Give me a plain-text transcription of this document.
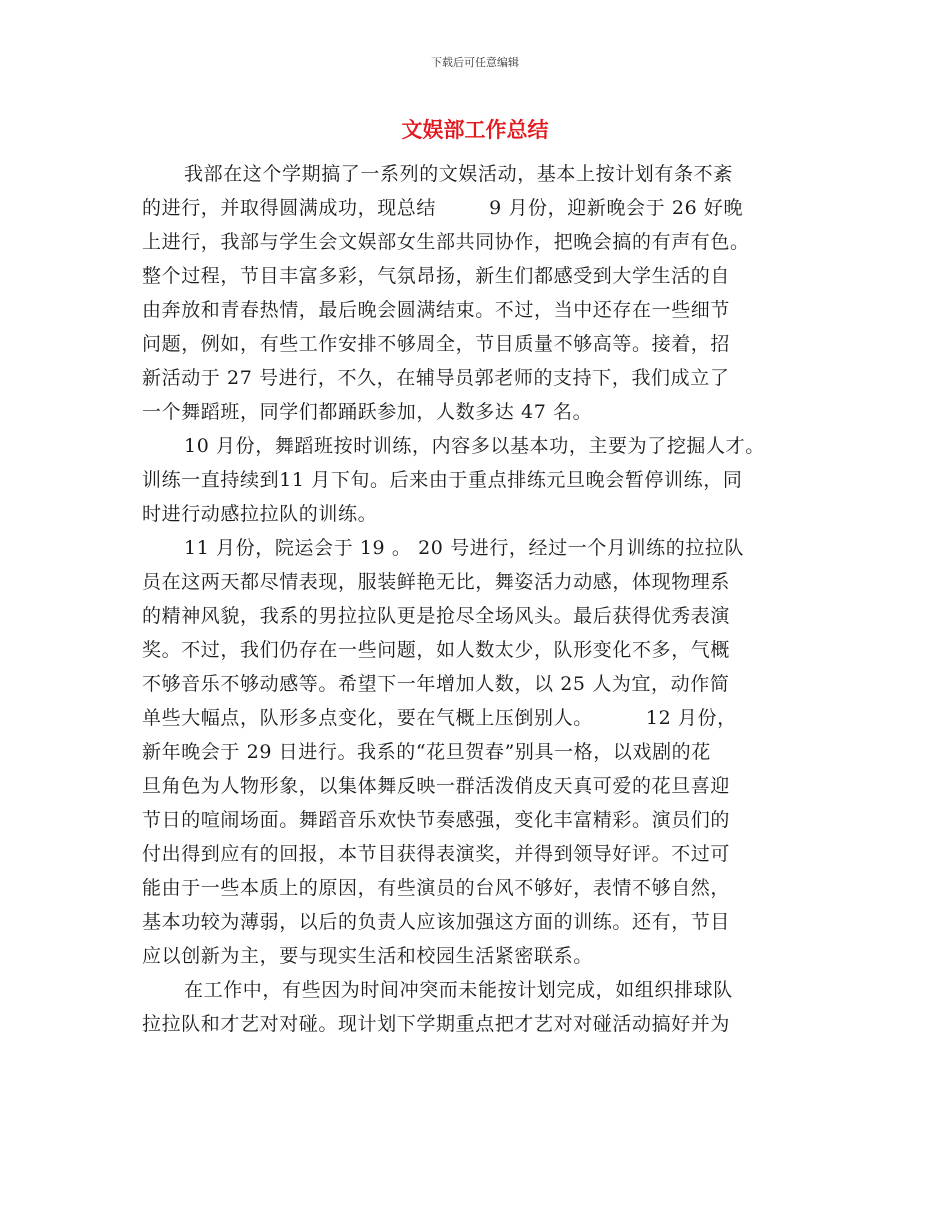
下载后可任意编辑
文娱部工作总结
我部在这个学期搞了一系列的文娱活动，基本上按计划有条不紊
的进行，并取得圆满成功，现总结        9 月份，迎新晚会于 26 好晚
上进行，我部与学生会文娱部女生部共同协作，把晚会搞的有声有色。
整个过程，节目丰富多彩，气氛昂扬，新生们都感受到大学生活的自
由奔放和青春热情，最后晚会圆满结束。不过，当中还存在一些细节
问题，例如，有些工作安排不够周全，节目质量不够高等。接着，招
新活动于 27 号进行，不久，在辅导员郭老师的支持下，我们成立了
一个舞蹈班，同学们都踊跃参加，人数多达 47 名。
10 月份，舞蹈班按时训练，内容多以基本功，主要为了挖掘人才。
训练一直持续到11 月下旬。后来由于重点排练元旦晚会暂停训练，同
时进行动感拉拉队的训练。
11 月份，院运会于 19 。 20 号进行，经过一个月训练的拉拉队
员在这两天都尽情表现，服装鲜艳无比，舞姿活力动感，体现物理系
的精神风貌，我系的男拉拉队更是抢尽全场风头。最后获得优秀表演
奖。不过，我们仍存在一些问题，如人数太少，队形变化不多，气概
不够音乐不够动感等。希望下一年增加人数，以 25 人为宜，动作简
单些大幅点，队形多点变化，要在气概上压倒别人。        12 月份，
新年晚会于 29 日进行。我系的“花旦贺春”别具一格，以戏剧的花
旦角色为人物形象，以集体舞反映一群活泼俏皮天真可爱的花旦喜迎
节日的喧闹场面。舞蹈音乐欢快节奏感强，变化丰富精彩。演员们的
付出得到应有的回报，本节目获得表演奖，并得到领导好评。不过可
能由于一些本质上的原因，有些演员的台风不够好，表情不够自然，
基本功较为薄弱，以后的负责人应该加强这方面的训练。还有，节目
应以创新为主，要与现实生活和校园生活紧密联系。
在工作中，有些因为时间冲突而未能按计划完成，如组织排球队
拉拉队和才艺对对碰。现计划下学期重点把才艺对对碰活动搞好并为
